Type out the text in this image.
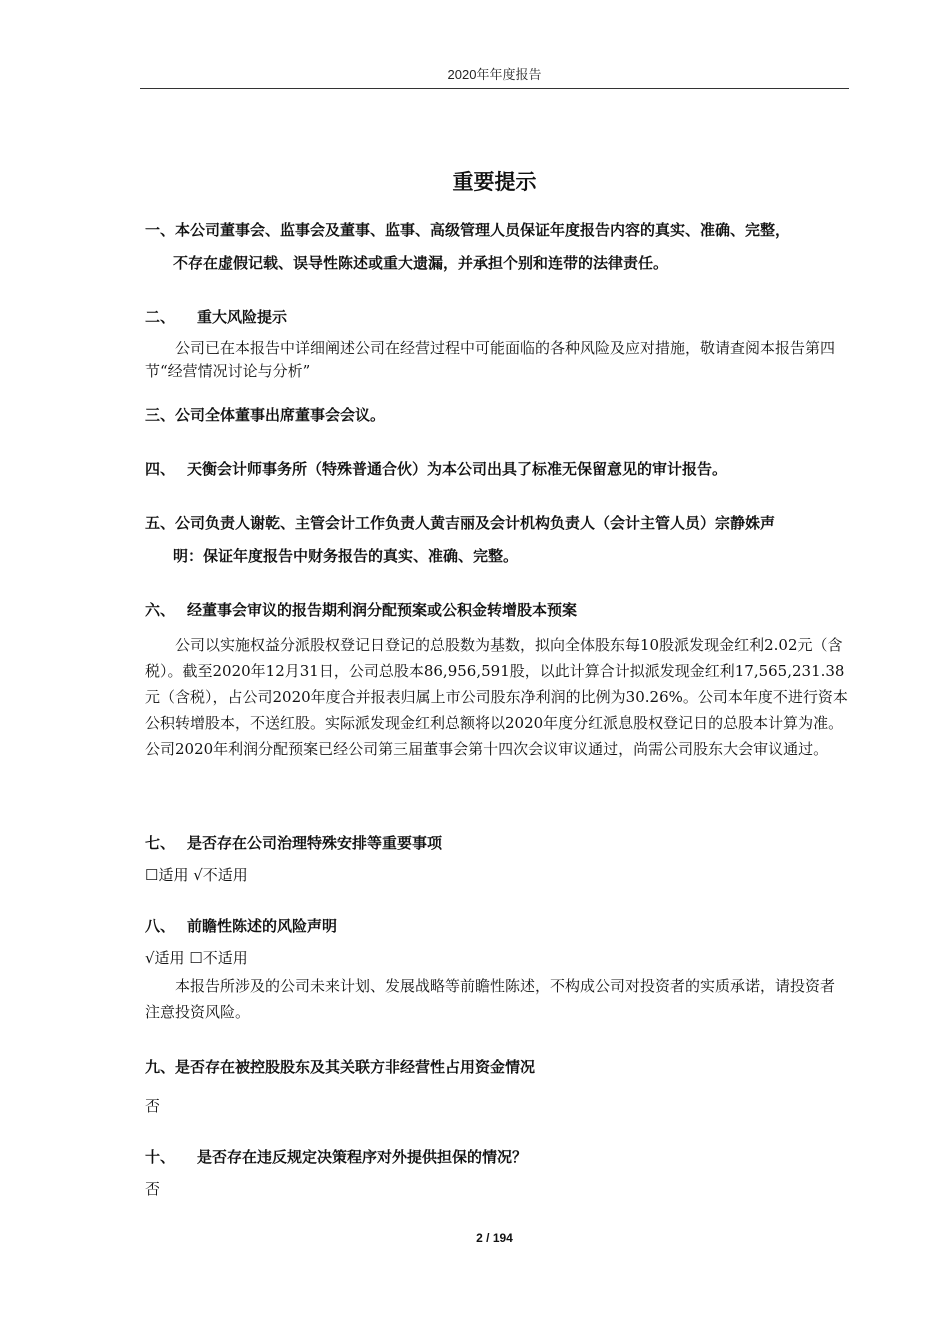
2020年年度报告
重要提示
一、本公司董事会、监事会及董事、监事、高级管理人员保证年度报告内容的真实、准确、完整，
不存在虚假记载、误导性陈述或重大遗漏，并承担个别和连带的法律责任。
二、 重大风险提示
公司已在本报告中详细阐述公司在经营过程中可能面临的各种风险及应对措施，敬请查阅本报告第四节“经营情况讨论与分析”
三、公司全体董事出席董事会会议。
四、 天衡会计师事务所（特殊普通合伙）为本公司出具了标准无保留意见的审计报告。
五、公司负责人谢乾、主管会计工作负责人黄吉丽及会计机构负责人（会计主管人员）宗静姝声
明：保证年度报告中财务报告的真实、准确、完整。
六、 经董事会审议的报告期利润分配预案或公积金转增股本预案
公司以实施权益分派股权登记日登记的总股数为基数，拟向全体股东每10股派发现金红利2.02元（含税）。截至2020年12月31日，公司总股本86,956,591股，以此计算合计拟派发现金红利17,565,231.38元（含税），占公司2020年度合并报表归属上市公司股东净利润的比例为30.26%。公司本年度不进行资本公积转增股本，不送红股。实际派发现金红利总额将以2020年度分红派息股权登记日的总股本计算为准。公司2020年利润分配预案已经公司第三届董事会第十四次会议审议通过，尚需公司股东大会审议通过。
七、 是否存在公司治理特殊安排等重要事项
☐适用 √不适用
八、 前瞻性陈述的风险声明
√适用 ☐不适用
本报告所涉及的公司未来计划、发展战略等前瞻性陈述，不构成公司对投资者的实质承诺，请投资者注意投资风险。
九、是否存在被控股股东及其关联方非经营性占用资金情况
否
十、 是否存在违反规定决策程序对外提供担保的情况？
否
2 / 194
